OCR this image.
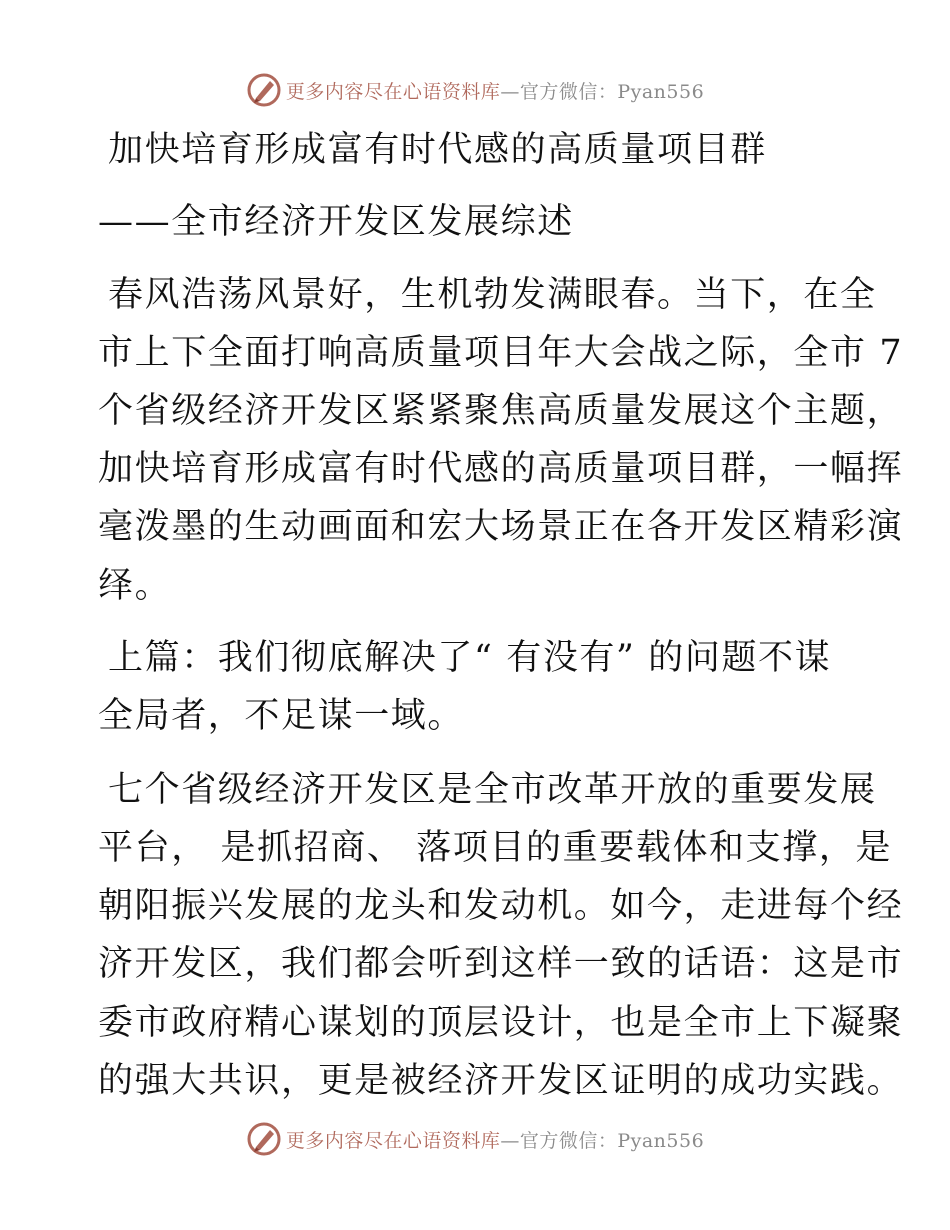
更多内容尽在心语资料库—官方微信：Pyan556
加快培育形成富有时代感的高质量项目群
——全市经济开发区发展综述
春风浩荡风景好，生机勃发满眼春。当下，在全
市上下全面打响高质量项目年大会战之际，全市 7
个省级经济开发区紧紧聚焦高质量发展这个主题，
加快培育形成富有时代感的高质量项目群，一幅挥
毫泼墨的生动画面和宏大场景正在各开发区精彩演
绎。
上篇：我们彻底解决了“ 有没有” 的问题不谋
全局者，不足谋一域。
七个省级经济开发区是全市改革开放的重要发展
平台， 是抓招商、 落项目的重要载体和支撑，是
朝阳振兴发展的龙头和发动机。如今，走进每个经
济开发区，我们都会听到这样一致的话语：这是市
委市政府精心谋划的顶层设计，也是全市上下凝聚
的强大共识，更是被经济开发区证明的成功实践。
更多内容尽在心语资料库—官方微信：Pyan556
